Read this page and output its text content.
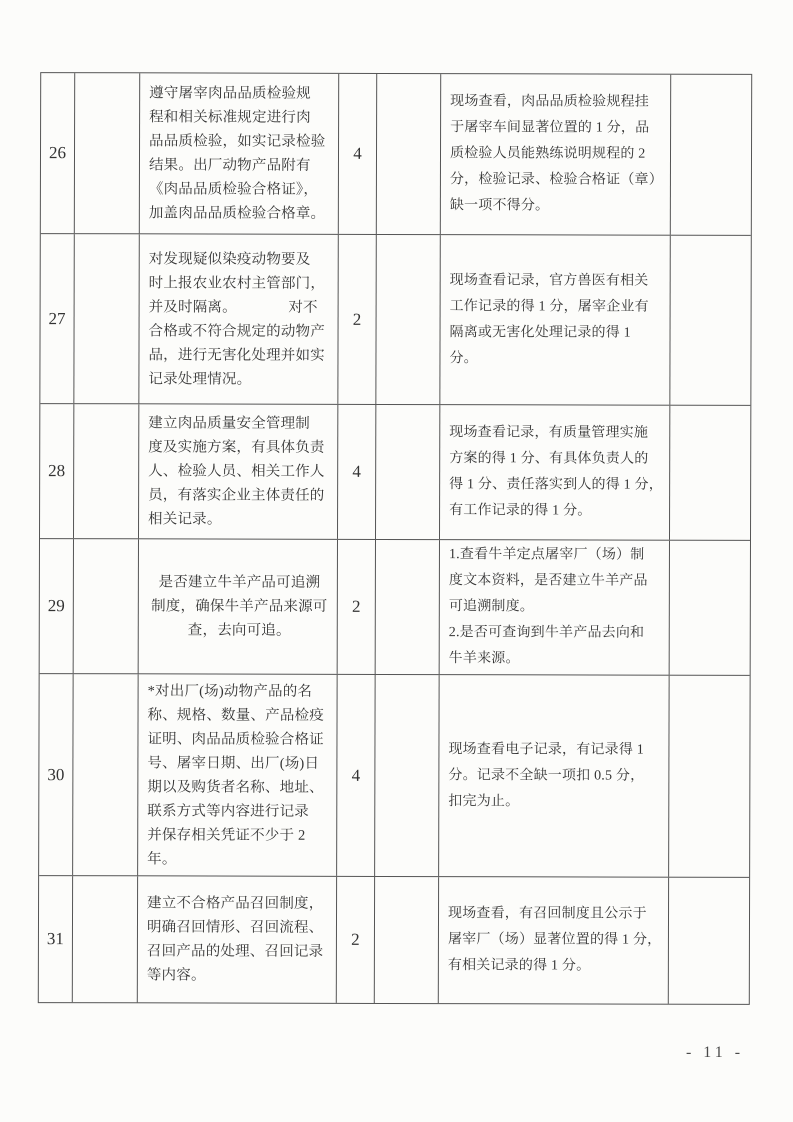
26
遵守屠宰肉品品质检验规
程和相关标准规定进行肉
品品质检验，如实记录检验
结果。出厂动物产品附有
《肉品品质检验合格证》，
加盖肉品品质检验合格章。
4
现场查看，肉品品质检验规程挂
于屠宰车间显著位置的 1 分，品
质检验人员能熟练说明规程的 2
分，检验记录、检验合格证（章）
缺一项不得分。
27
对发现疑似染疫动物要及
时上报农业农村主管部门，
并及时隔离。　　　　对不
合格或不符合规定的动物产
品，进行无害化处理并如实
记录处理情况。
2
现场查看记录，官方兽医有相关
工作记录的得 1 分，屠宰企业有
隔离或无害化处理记录的得 1
分。
28
建立肉品质量安全管理制
度及实施方案，有具体负责
人、检验人员、相关工作人
员，有落实企业主体责任的
相关记录。
4
现场查看记录，有质量管理实施
方案的得 1 分、有具体负责人的
得 1 分、责任落实到人的得 1 分，
有工作记录的得 1 分。
29
是否建立牛羊产品可追溯
制度，确保牛羊产品来源可
查，去向可追。
2
1.查看牛羊定点屠宰厂（场）制
度文本资料，是否建立牛羊产品
可追溯制度。
2.是否可查询到牛羊产品去向和
牛羊来源。
30
*对出厂(场)动物产品的名
称、规格、数量、产品检疫
证明、肉品品质检验合格证
号、屠宰日期、出厂(场)日
期以及购货者名称、地址、
联系方式等内容进行记录
并保存相关凭证不少于 2
年。
4
现场查看电子记录，有记录得 1
分。记录不全缺一项扣 0.5 分，
扣完为止。
31
建立不合格产品召回制度，
明确召回情形、召回流程、
召回产品的处理、召回记录
等内容。
2
现场查看，有召回制度且公示于
屠宰厂（场）显著位置的得 1 分，
有相关记录的得 1 分。
- 11 -
